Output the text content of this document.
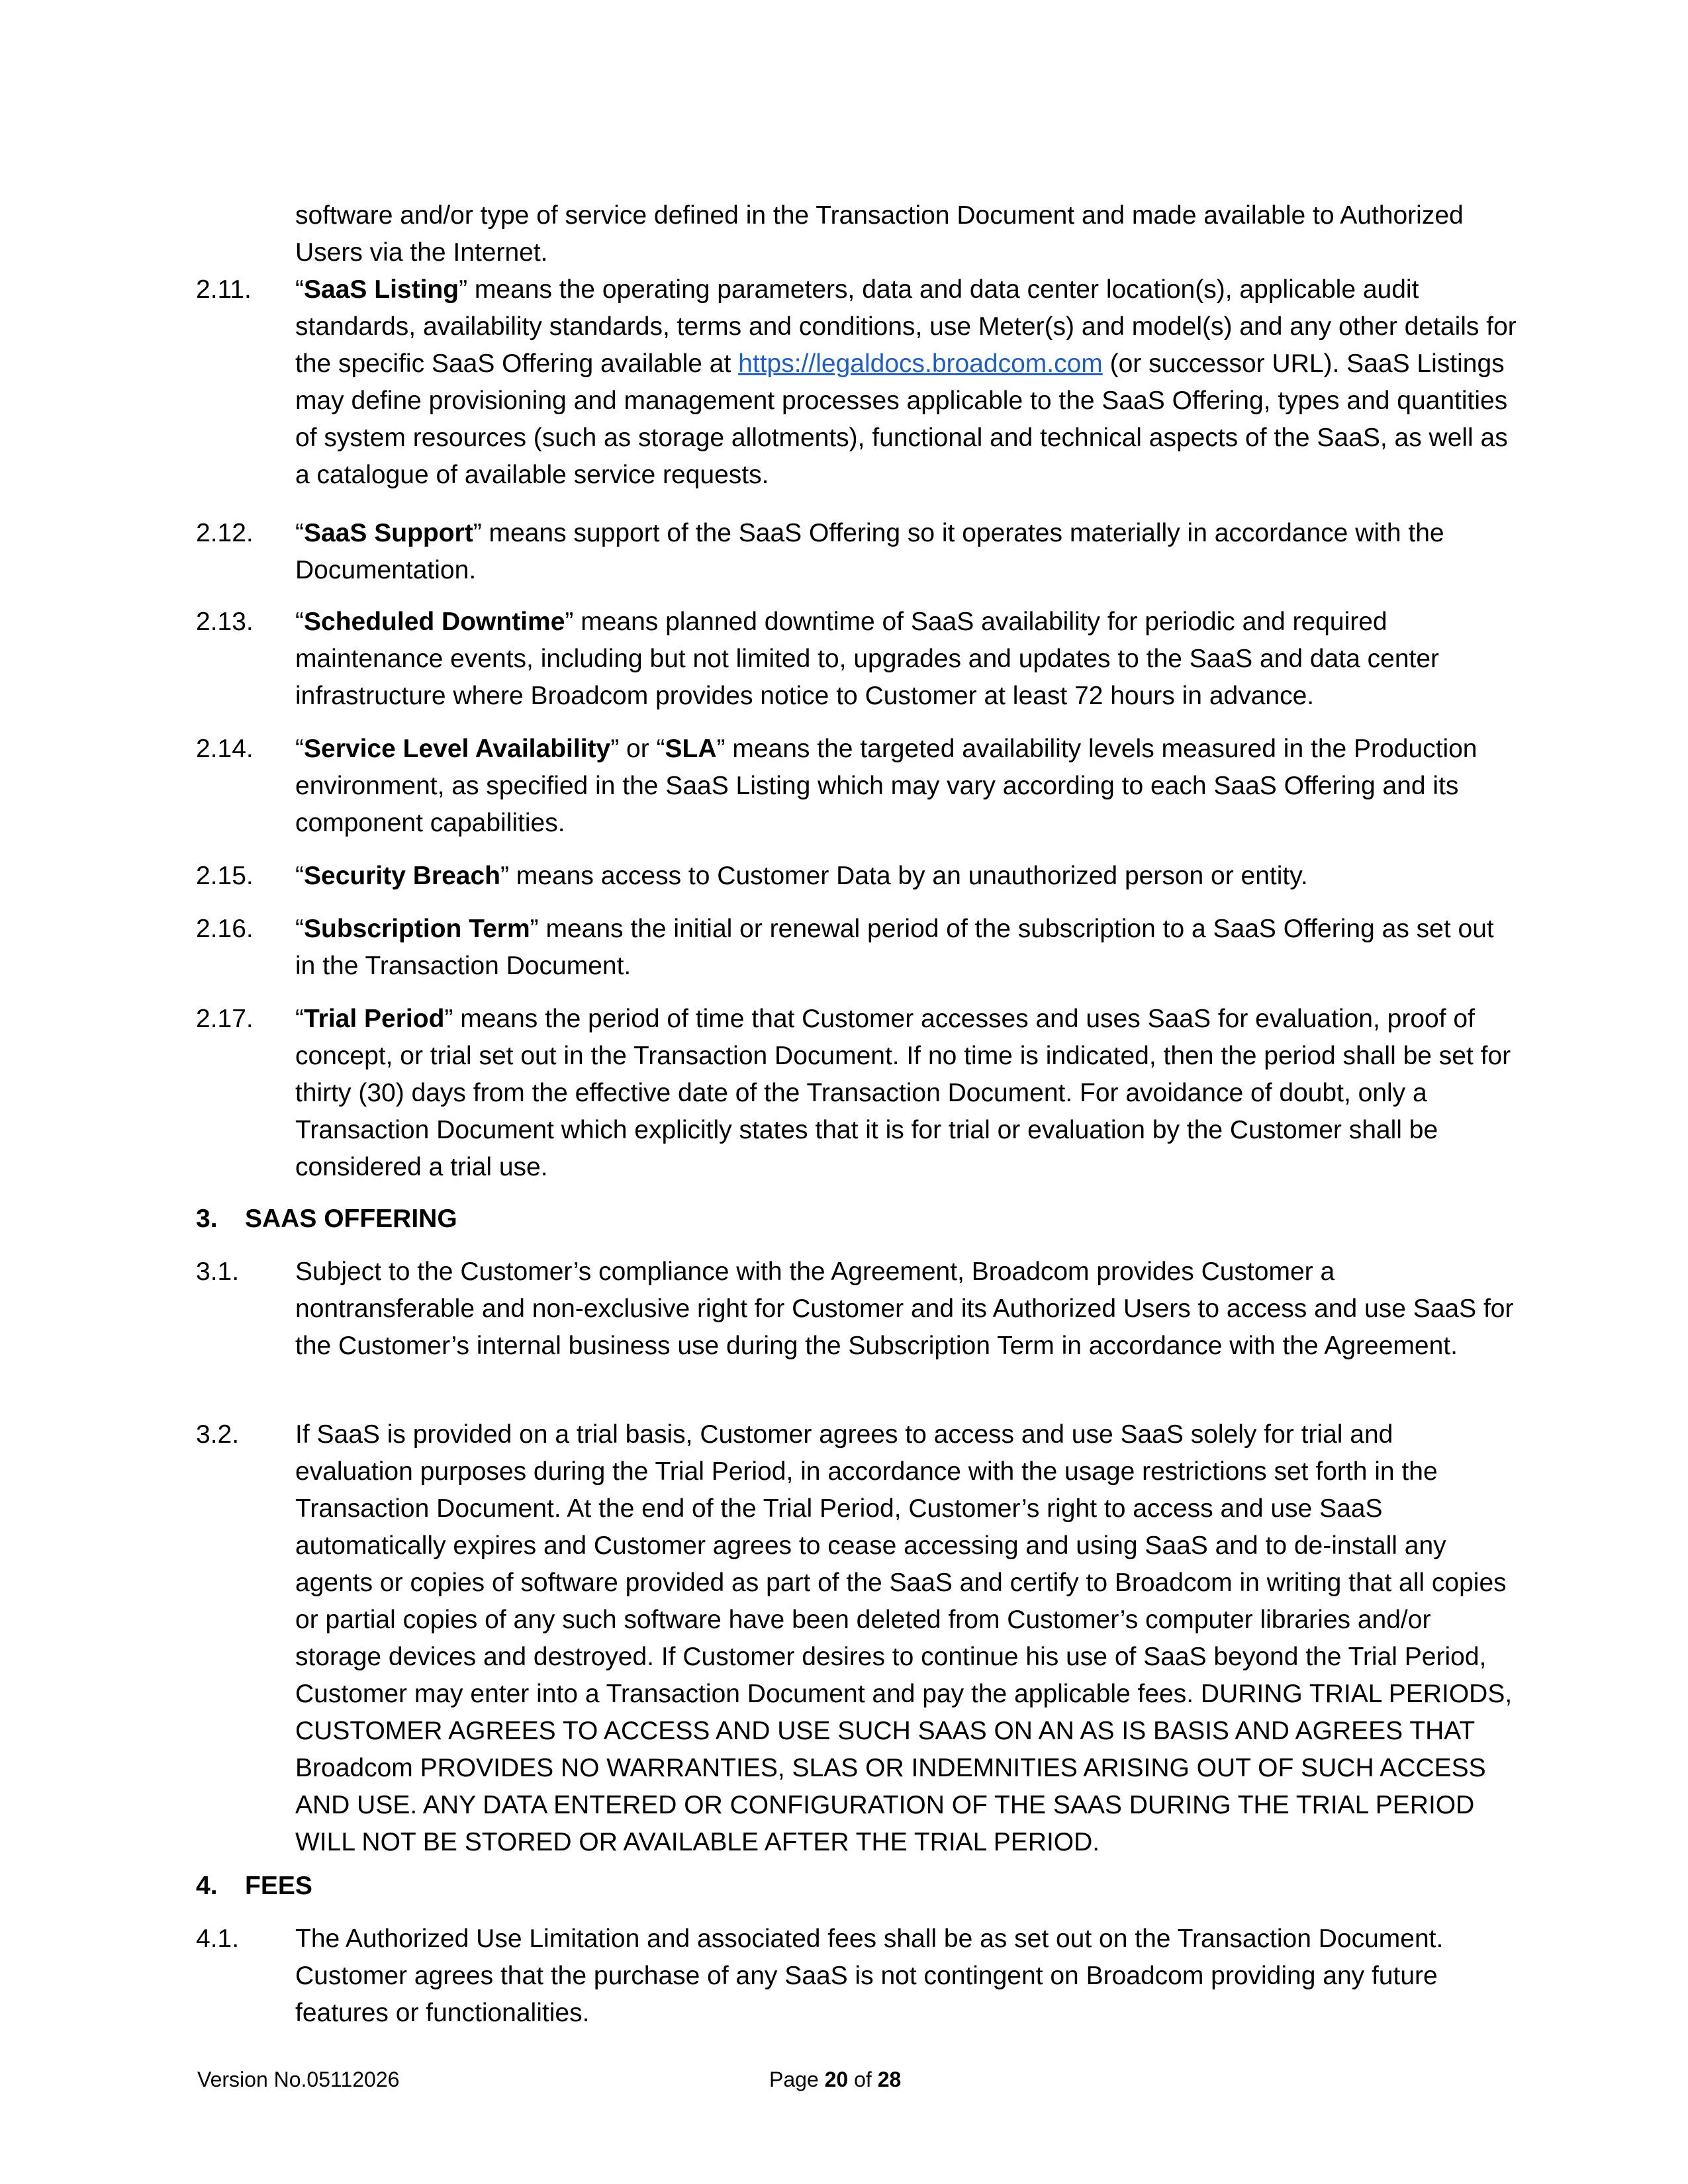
software and/or type of service defined in the Transaction Document and made available to Authorized Users via the Internet.
2.11.	“SaaS Listing” means the operating parameters, data and data center location(s), applicable audit standards, availability standards, terms and conditions, use Meter(s) and model(s) and any other details for the specific SaaS Offering available at https://legaldocs.broadcom.com (or successor URL). SaaS Listings may define provisioning and management processes applicable to the SaaS Offering, types and quantities of system resources (such as storage allotments), functional and technical aspects of the SaaS, as well as a catalogue of available service requests.
2.12.	“SaaS Support” means support of the SaaS Offering so it operates materially in accordance with the Documentation.
2.13.	“Scheduled Downtime” means planned downtime of SaaS availability for periodic and required maintenance events, including but not limited to, upgrades and updates to the SaaS and data center infrastructure where Broadcom provides notice to Customer at least 72 hours in advance.
2.14.	“Service Level Availability” or “SLA” means the targeted availability levels measured in the Production environment, as specified in the SaaS Listing which may vary according to each SaaS Offering and its component capabilities.
2.15.	“Security Breach” means access to Customer Data by an unauthorized person or entity.
2.16.	“Subscription Term” means the initial or renewal period of the subscription to a SaaS Offering as set out in the Transaction Document.
2.17.	“Trial Period” means the period of time that Customer accesses and uses SaaS for evaluation, proof of concept, or trial set out in the Transaction Document. If no time is indicated, then the period shall be set for thirty (30) days from the effective date of the Transaction Document. For avoidance of doubt, only a Transaction Document which explicitly states that it is for trial or evaluation by the Customer shall be considered a trial use.
3. SAAS OFFERING
3.1.	Subject to the Customer’s compliance with the Agreement, Broadcom provides Customer a nontransferable and non-exclusive right for Customer and its Authorized Users to access and use SaaS for the Customer’s internal business use during the Subscription Term in accordance with the Agreement.
3.2.	If SaaS is provided on a trial basis, Customer agrees to access and use SaaS solely for trial and evaluation purposes during the Trial Period, in accordance with the usage restrictions set forth in the Transaction Document. At the end of the Trial Period, Customer’s right to access and use SaaS automatically expires and Customer agrees to cease accessing and using SaaS and to de-install any agents or copies of software provided as part of the SaaS and certify to Broadcom in writing that all copies or partial copies of any such software have been deleted from Customer’s computer libraries and/or storage devices and destroyed. If Customer desires to continue his use of SaaS beyond the Trial Period, Customer may enter into a Transaction Document and pay the applicable fees. DURING TRIAL PERIODS, CUSTOMER AGREES TO ACCESS AND USE SUCH SAAS ON AN AS IS BASIS AND AGREES THAT Broadcom PROVIDES NO WARRANTIES, SLAS OR INDEMNITIES ARISING OUT OF SUCH ACCESS AND USE. ANY DATA ENTERED OR CONFIGURATION OF THE SAAS DURING THE TRIAL PERIOD WILL NOT BE STORED OR AVAILABLE AFTER THE TRIAL PERIOD.
4. FEES
4.1.	The Authorized Use Limitation and associated fees shall be as set out on the Transaction Document. Customer agrees that the purchase of any SaaS is not contingent on Broadcom providing any future features or functionalities.
Version No.05112026	Page 20 of 28
